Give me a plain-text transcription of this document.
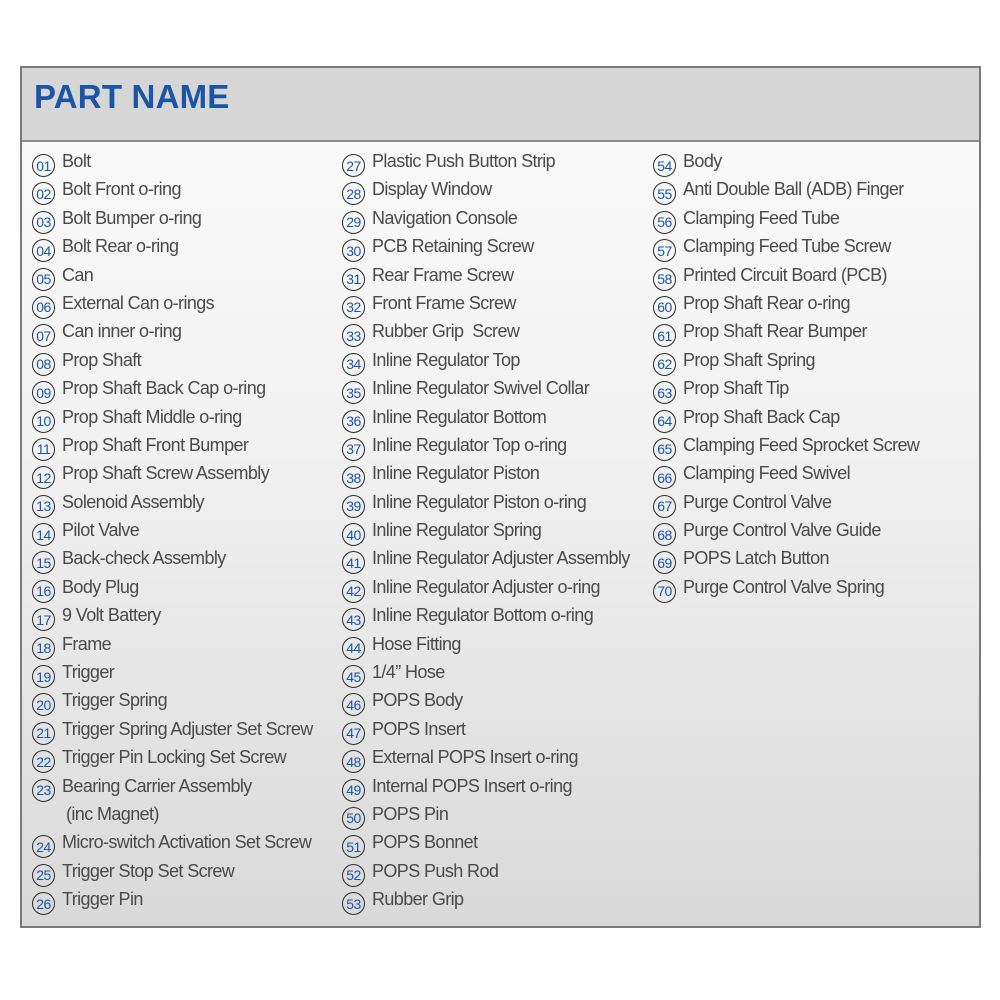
PART NAME
01 Bolt
02 Bolt Front o-ring
03 Bolt Bumper o-ring
04 Bolt Rear o-ring
05 Can
06 External Can o-rings
07 Can inner o-ring
08 Prop Shaft
09 Prop Shaft Back Cap o-ring
10 Prop Shaft Middle o-ring
11 Prop Shaft Front Bumper
12 Prop Shaft Screw Assembly
13 Solenoid Assembly
14 Pilot Valve
15 Back-check Assembly
16 Body Plug
17 9 Volt Battery
18 Frame
19 Trigger
20 Trigger Spring
21 Trigger Spring Adjuster Set Screw
22 Trigger Pin Locking Set Screw
23 Bearing Carrier Assembly
(inc Magnet)
24 Micro-switch Activation Set Screw
25 Trigger Stop Set Screw
26 Trigger Pin
27 Plastic Push Button Strip
28 Display Window
29 Navigation Console
30 PCB Retaining Screw
31 Rear Frame Screw
32 Front Frame Screw
33 Rubber Grip  Screw
34 Inline Regulator Top
35 Inline Regulator Swivel Collar
36 Inline Regulator Bottom
37 Inline Regulator Top o-ring
38 Inline Regulator Piston
39 Inline Regulator Piston o-ring
40 Inline Regulator Spring
41 Inline Regulator Adjuster Assembly
42 Inline Regulator Adjuster o-ring
43 Inline Regulator Bottom o-ring
44 Hose Fitting
45 1/4” Hose
46 POPS Body
47 POPS Insert
48 External POPS Insert o-ring
49 Internal POPS Insert o-ring
50 POPS Pin
51 POPS Bonnet
52 POPS Push Rod
53 Rubber Grip
54 Body
55 Anti Double Ball (ADB) Finger
56 Clamping Feed Tube
57 Clamping Feed Tube Screw
58 Printed Circuit Board (PCB)
60 Prop Shaft Rear o-ring
61 Prop Shaft Rear Bumper
62 Prop Shaft Spring
63 Prop Shaft Tip
64 Prop Shaft Back Cap
65 Clamping Feed Sprocket Screw
66 Clamping Feed Swivel
67 Purge Control Valve
68 Purge Control Valve Guide
69 POPS Latch Button
70 Purge Control Valve Spring
